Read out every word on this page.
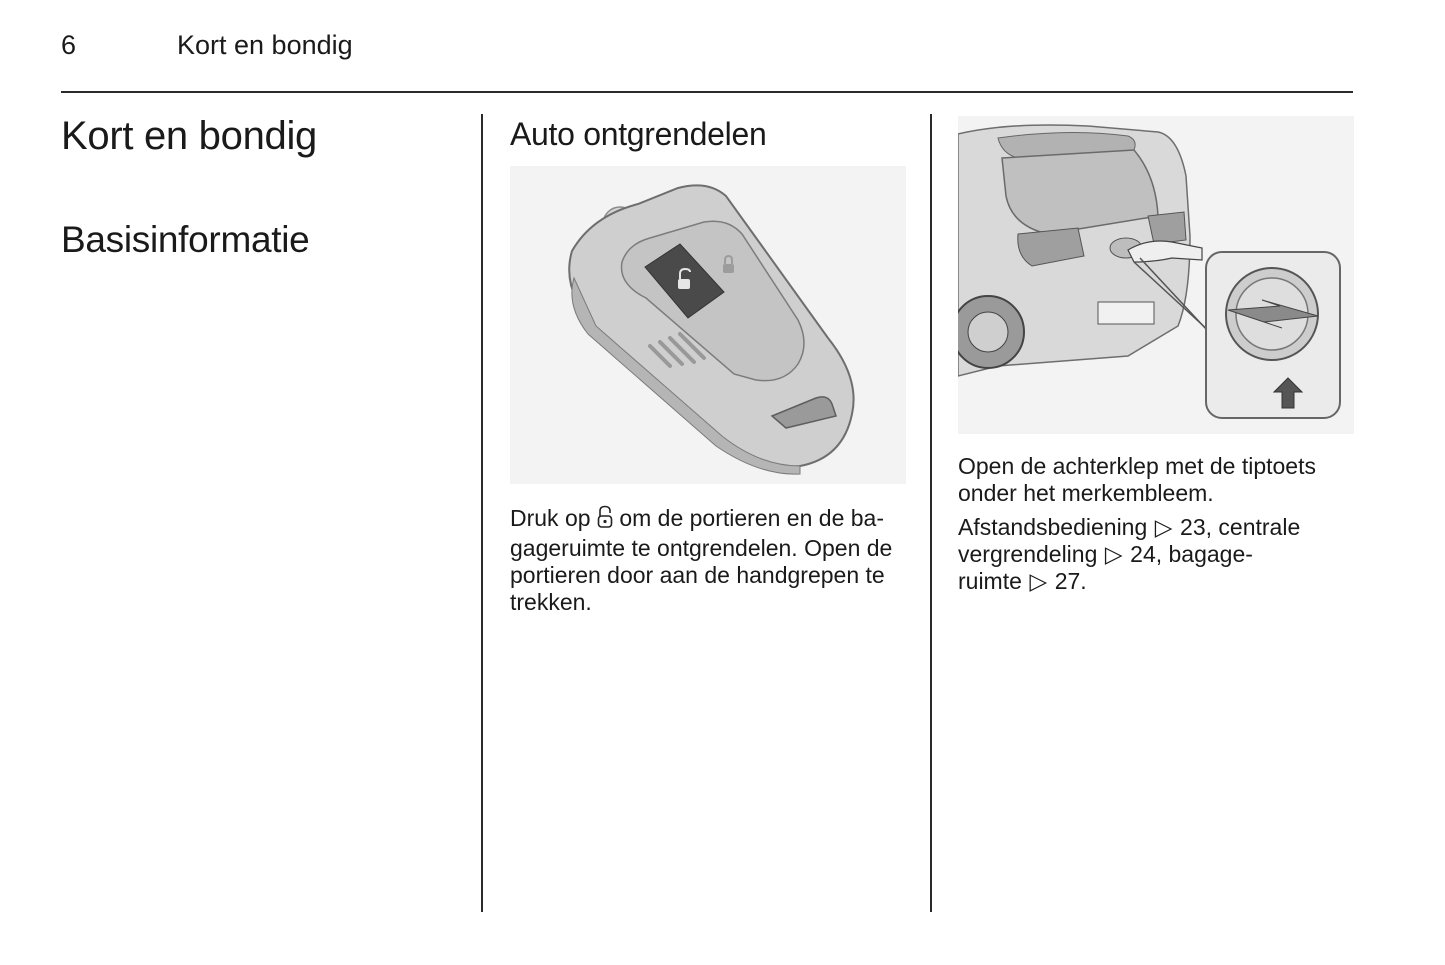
6	Kort en bondig
Kort en bondig
Basisinformatie
Auto ontgrendelen
Druk op om de portieren en de ba-
gageruimte te ontgrendelen. Open de
portieren door aan de handgrepen te
trekken.
Open de achterklep met de tiptoets
onder het merkembleem.
Afstandsbediening ▷ 23, centrale
vergrendeling ▷ 24, bagage-
ruimte ▷ 27.
